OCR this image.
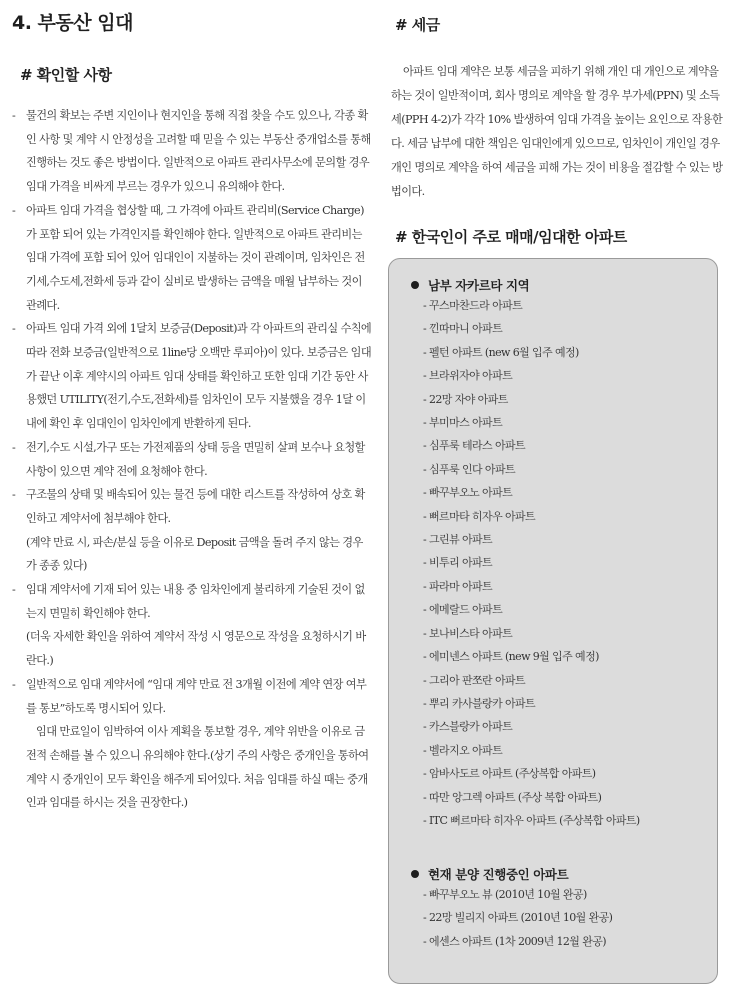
4. 부동산 임대
# 확인할 사항
- 물건의 확보는 주변 지인이나 현지인을 통해 직접 찾을 수도 있으나, 각종 확인 사항 및 계약 시 안정성을 고려할 때 믿을 수 있는 부동산 중개업소를 통해 진행하는 것도 좋은 방법이다. 일반적으로 아파트 관리사무소에 문의할 경우 임대 가격을 비싸게 부르는 경우가 있으니 유의해야 한다.
- 아파트 임대 가격을 협상할 때, 그 가격에 아파트 관리비(Service Charge)가 포함 되어 있는 가격인지를 확인해야 한다. 일반적으로 아파트 관리비는 임대 가격에 포함 되어 있어 임대인이 지불하는 것이 관례이며, 임차인은 전기세,수도세,전화세 등과 같이 실비로 발생하는 금액을 매월 납부하는 것이 관례다.
- 아파트 임대 가격 외에 1달치 보증금(Deposit)과 각 아파트의 관리실 수칙에 따라 전화 보증금(일반적으로 1line당 오백만 루피아)이 있다. 보증금은 임대가 끝난 이후 계약시의 아파트 임대 상태를 확인하고 또한 임대 기간 동안 사용했던 UTILITY(전기,수도,전화세)를 임차인이 모두 지불했을 경우 1달 이내에 확인 후 임대인이 임차인에게 반환하게 된다.
- 전기,수도 시설,가구 또는 가전제품의 상태 등을 면밀히 살펴 보수나 요청할 사항이 있으면 계약 전에 요청해야 한다.
- 구조물의 상태 및 배속되어 있는 물건 등에 대한 리스트를 작성하여 상호 확인하고 계약서에 첨부해야 한다.
(계약 만료 시, 파손/분실 등을 이유로 Deposit 금액을 돌려 주지 않는 경우가 종종 있다)
- 임대 계약서에 기재 되어 있는 내용 중 임차인에게 불리하게 기술된 것이 없는지 면밀히 확인해야 한다.
(더욱 자세한 확인을 위하여 계약서 작성 시 영문으로 작성을 요청하시기 바란다.)
- 일반적으로 임대 계약서에 “임대 계약 만료 전 3개월 이전에 계약 연장 여부를 통보”하도록 명시되어 있다.
임대 만료일이 임박하여 이사 계획을 통보할 경우, 계약 위반을 이유로 금전적 손해를 볼 수 있으니 유의해야 한다.(상기 주의 사항은 중개인을 통하여 계약 시 중개인이 모두 확인을 해주게 되어있다. 처음 임대를 하실 때는 중개인과 임대를 하시는 것을 권장한다.)
# 세금

아파트 임대 계약은 보통 세금을 피하기 위해 개인 대 개인으로 계약을 하는 것이 일반적이며, 회사 명의로 계약을 할 경우 부가세(PPN) 및 소득세(PPH 4-2)가 각각 10% 발생하여 임대 가격을 높이는 요인으로 작용한다. 세금 납부에 대한 책임은 임대인에게 있으므로, 임차인이 개인일 경우 개인 명의로 계약을 하여 세금을 피해 가는 것이 비용을 절감할 수 있는 방법이다.

# 한국인이 주로 매매/임대한 아파트
남부 자카르타 지역
- 꾸스마찬드라 아파트
- 낀따마니 아파트
- 펠턴 아파트 (new 6월 입주 예정)
- 브라위자야 아파트
- 22망 자야 아파트
- 부미마스 아파트
- 심푸룩 테라스 아파트
- 심푸룩 인다 아파트
- 빠꾸부오노 아파트
- 뻐르마타 히자우 아파트
- 그린뷰 아파트
- 비투리 아파트
- 파라마 아파트
- 에메랄드 아파트
- 보나비스타 아파트
- 에미넨스 아파트 (new 9월 입주 예정)
- 그리아 판쪼란 아파트
- 뿌리 카사블랑카 아파트
- 카스블랑카 아파트
- 벨라지오 아파트
- 암바사도르 아파트 (주상복합 아파트)
- 따만 앙그렉 아파트 (주상 복합 아파트)
- ITC 뻐르마타 히자우 아파트 (주상복합 아파트)
현재 분양 진행중인 아파트
- 빠꾸부오노 뷰 (2010년 10월 완공)
- 22망 빌리지 아파트 (2010년 10월 완공)
- 에센스 아파트 (1차 2009년 12월 완공)
